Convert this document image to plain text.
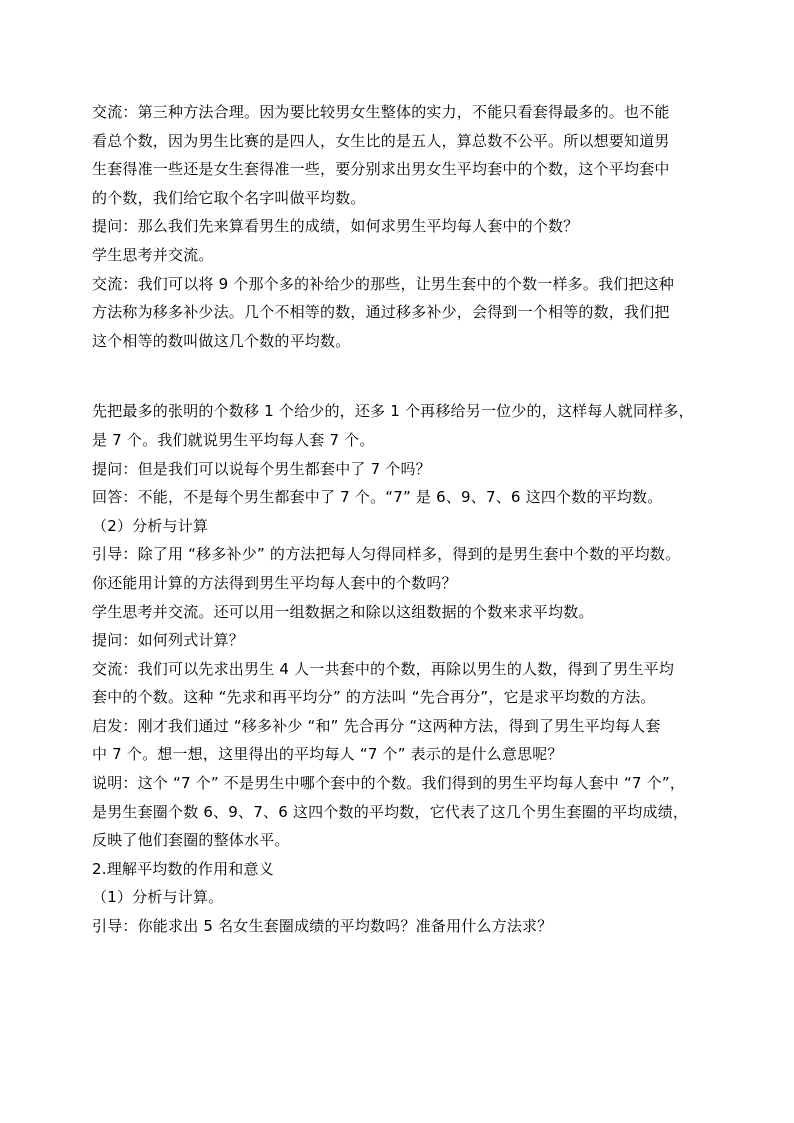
交流：第三种方法合理。因为要比较男女生整体的实力，不能只看套得最多的。也不能
看总个数，因为男生比赛的是四人，女生比的是五人，算总数不公平。所以想要知道男
生套得准一些还是女生套得准一些，要分别求出男女生平均套中的个数，这个平均套中
的个数，我们给它取个名字叫做平均数。
提问：那么我们先来算看男生的成绩，如何求男生平均每人套中的个数？
学生思考并交流。
交流：我们可以将 9 个那个多的补给少的那些，让男生套中的个数一样多。我们把这种
方法称为移多补少法。几个不相等的数，通过移多补少，会得到一个相等的数，我们把
这个相等的数叫做这几个数的平均数。
先把最多的张明的个数移 1 个给少的，还多 1 个再移给另一位少的，这样每人就同样多，
是 7 个。我们就说男生平均每人套 7 个。
提问：但是我们可以说每个男生都套中了 7 个吗？
回答：不能，不是每个男生都套中了 7 个。“7” 是 6、9、7、6 这四个数的平均数。
（2）分析与计算
引导：除了用 “移多补少” 的方法把每人匀得同样多，得到的是男生套中个数的平均数。
你还能用计算的方法得到男生平均每人套中的个数吗？
学生思考并交流。还可以用一组数据之和除以这组数据的个数来求平均数。
提问：如何列式计算？
交流：我们可以先求出男生 4 人一共套中的个数，再除以男生的人数，得到了男生平均
套中的个数。这种 “先求和再平均分” 的方法叫 “先合再分”，它是求平均数的方法。
启发：刚才我们通过 “移多补少 “和” 先合再分 “这两种方法，得到了男生平均每人套
中 7 个。想一想，这里得出的平均每人 “7 个” 表示的是什么意思呢？
说明：这个 “7 个” 不是男生中哪个套中的个数。我们得到的男生平均每人套中 “7 个”，
是男生套圈个数 6、9、7、6 这四个数的平均数，它代表了这几个男生套圈的平均成绩，
反映了他们套圈的整体水平。
2.理解平均数的作用和意义
（1）分析与计算。
引导：你能求出 5 名女生套圈成绩的平均数吗？准备用什么方法求？
